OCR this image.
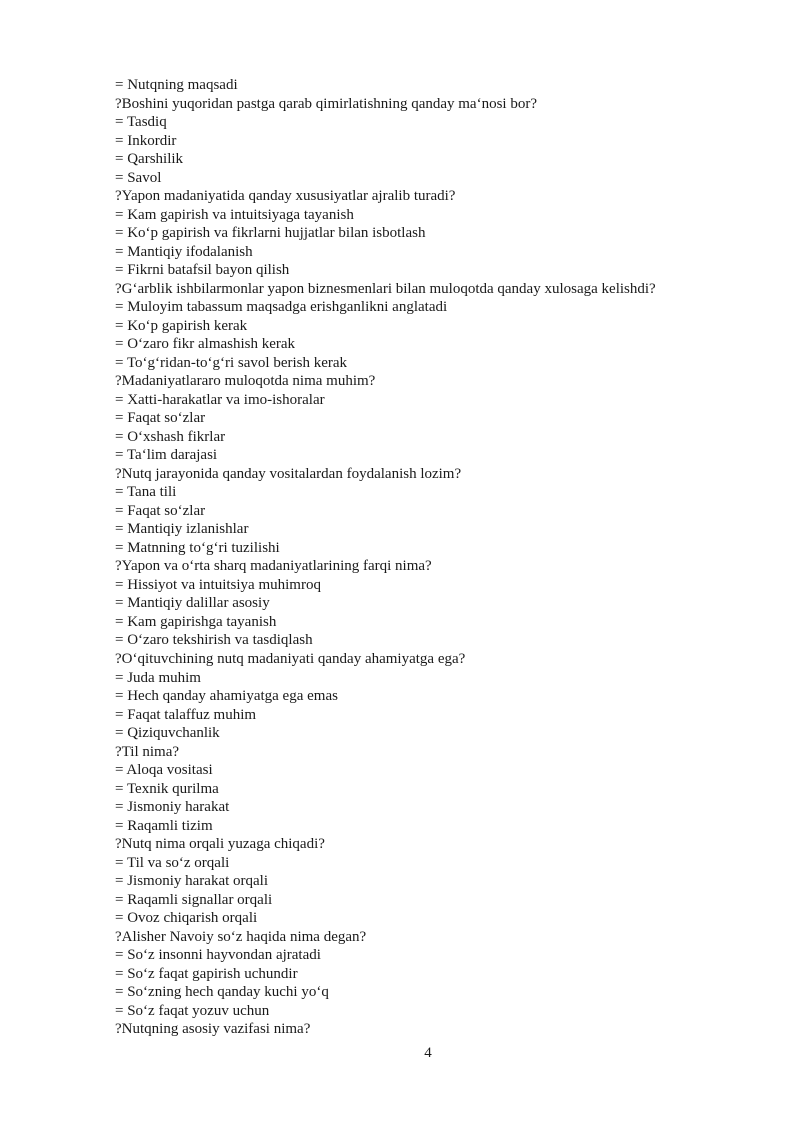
= Nutqning maqsadi
?Boshini yuqoridan pastga qarab qimirlatishning qanday ma‘nosi bor?
= Tasdiq
= Inkordir
= Qarshilik
= Savol
?Yapon madaniyatida qanday xususiyatlar ajralib turadi?
= Kam gapirish va intuitsiyaga tayanish
= Ko‘p gapirish va fikrlarni hujjatlar bilan isbotlash
= Mantiqiy ifodalanish
= Fikrni batafsil bayon qilish
?G‘arblik ishbilarmonlar yapon biznesmenlari bilan muloqotda qanday xulosaga kelishdi?
= Muloyim tabassum maqsadga erishganlikni anglatadi
= Ko‘p gapirish kerak
= O‘zaro fikr almashish kerak
= To‘g‘ridan-to‘g‘ri savol berish kerak
?Madaniyatlararo muloqotda nima muhim?
= Xatti-harakatlar va imo-ishoralar
= Faqat so‘zlar
= O‘xshash fikrlar
= Ta‘lim darajasi
?Nutq jarayonida qanday vositalardan foydalanish lozim?
= Tana tili
= Faqat so‘zlar
= Mantiqiy izlanishlar
= Matnning to‘g‘ri tuzilishi
?Yapon va o‘rta sharq madaniyatlarining farqi nima?
= Hissiyot va intuitsiya muhimroq
= Mantiqiy dalillar asosiy
= Kam gapirishga tayanish
= O‘zaro tekshirish va tasdiqlash
?O‘qituvchining nutq madaniyati qanday ahamiyatga ega?
= Juda muhim
= Hech qanday ahamiyatga ega emas
= Faqat talaffuz muhim
= Qiziquvchanlik
?Til nima?
= Aloqa vositasi
= Texnik qurilma
= Jismoniy harakat
= Raqamli tizim
?Nutq nima orqali yuzaga chiqadi?
= Til va so‘z orqali
= Jismoniy harakat orqali
= Raqamli signallar orqali
= Ovoz chiqarish orqali
?Alisher Navoiy so‘z haqida nima degan?
= So‘z insonni hayvondan ajratadi
= So‘z faqat gapirish uchundir
= So‘zning hech qanday kuchi yo‘q
= So‘z faqat yozuv uchun
?Nutqning asosiy vazifasi nima?
4
